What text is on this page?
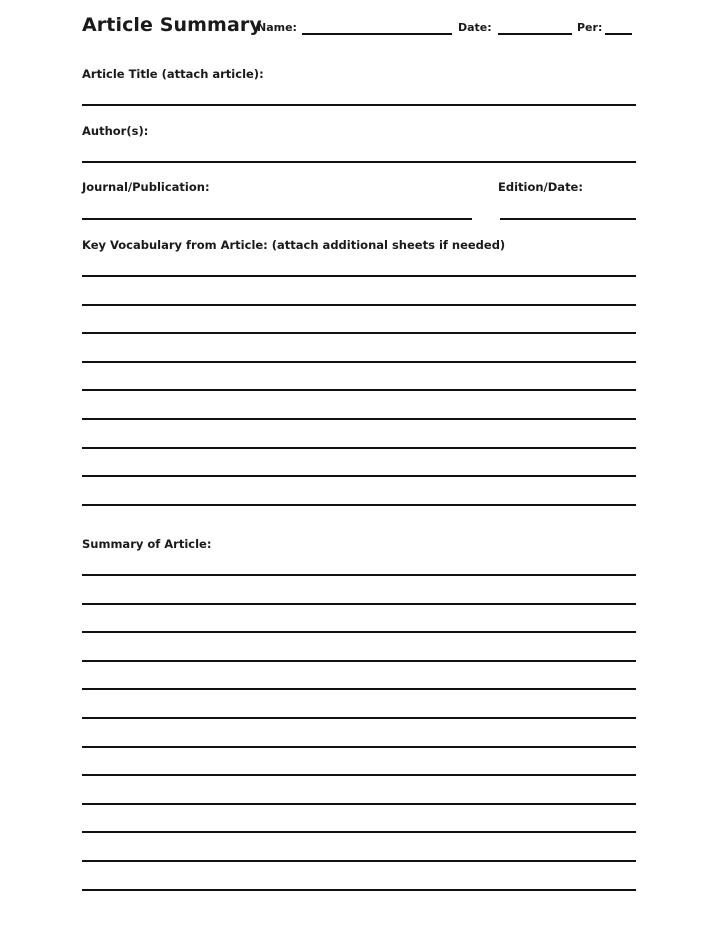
Article Summary
Name:	Date:	Per:
Article Title (attach article):
Author(s):
Journal/Publication:	Edition/Date:
Key Vocabulary from Article: (attach additional sheets if needed)
Summary of Article:
